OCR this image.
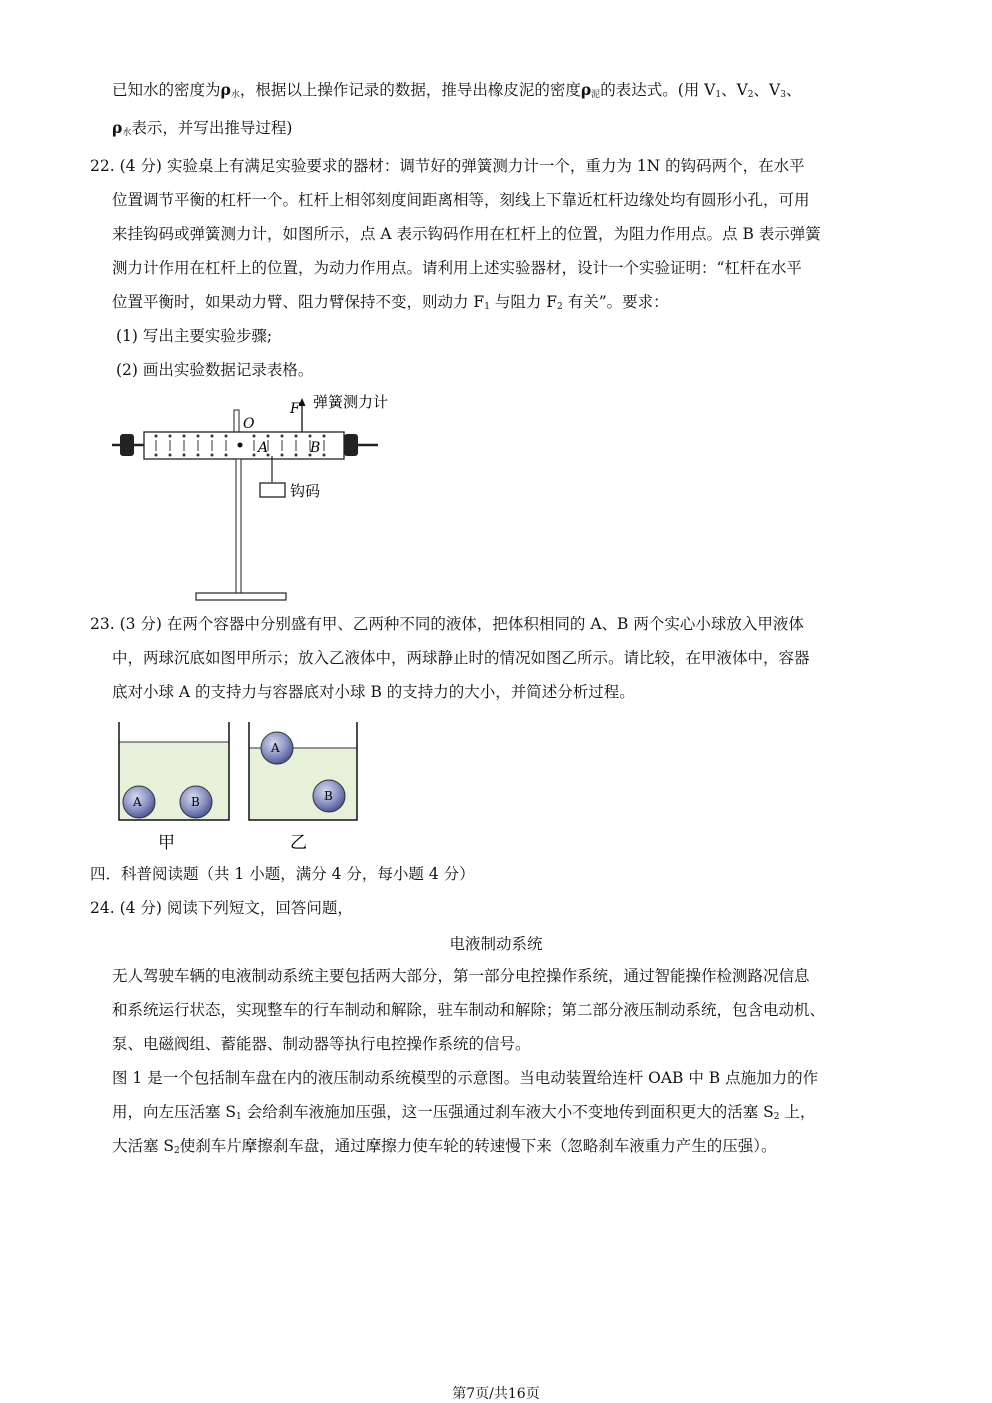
已知水的密度为$\rho_水$，根据以上操作记录的数据，推导出橡皮泥的密度$\rho_泥$的表达式。(用 $V_1$、$V_2$、$V_3$、
$\rho_水$表示，并写出推导过程)
22. (4 分) 实验桌上有满足实验要求的器材：调节好的弹簧测力计一个，重力为 1N 的钩码两个，在水平
位置调节平衡的杠杆一个。杠杆上相邻刻度间距离相等，刻线上下靠近杠杆边缘处均有圆形小孔，可用
来挂钩码或弹簧测力计，如图所示，点 A 表示钩码作用在杠杆上的位置，为阻力作用点。点 B 表示弹簧
测力计作用在杠杆上的位置，为动力作用点。请利用上述实验器材，设计一个实验证明：“杠杆在水平
位置平衡时，如果动力臂、阻力臂保持不变，则动力 $F_1$ 与阻力 $F_2$ 有关”。要求：
(1) 写出主要实验步骤;
(2) 画出实验数据记录表格。
F 弹簧测力计
O
A	B
钩码
23. (3 分) 在两个容器中分别盛有甲、乙两种不同的液体，把体积相同的 A、B 两个实心小球放入甲液体
中，两球沉底如图甲所示；放入乙液体中，两球静止时的情况如图乙所示。请比较，在甲液体中，容器
底对小球 A 的支持力与容器底对小球 B 的支持力的大小，并简述分析过程。
A	B
甲
A
B
乙
四．科普阅读题（共 1 小题，满分 4 分，每小题 4 分）
24. (4 分) 阅读下列短文，回答问题，
电液制动系统
无人驾驶车辆的电液制动系统主要包括两大部分，第一部分电控操作系统，通过智能操作检测路况信息
和系统运行状态，实现整车的行车制动和解除，驻车制动和解除；第二部分液压制动系统，包含电动机、
泵、电磁阀组、蓄能器、制动器等执行电控操作系统的信号。
图 1 是一个包括制车盘在内的液压制动系统模型的示意图。当电动装置给连杆 OAB 中 B 点施加力的作
用，向左压活塞 $S_1$ 会给刹车液施加压强，这一压强通过刹车液大小不变地传到面积更大的活塞 $S_2$ 上，
大活塞 $S_2$使刹车片摩擦刹车盘，通过摩擦力使车轮的转速慢下来（忽略刹车液重力产生的压强）。
第7页/共16页
